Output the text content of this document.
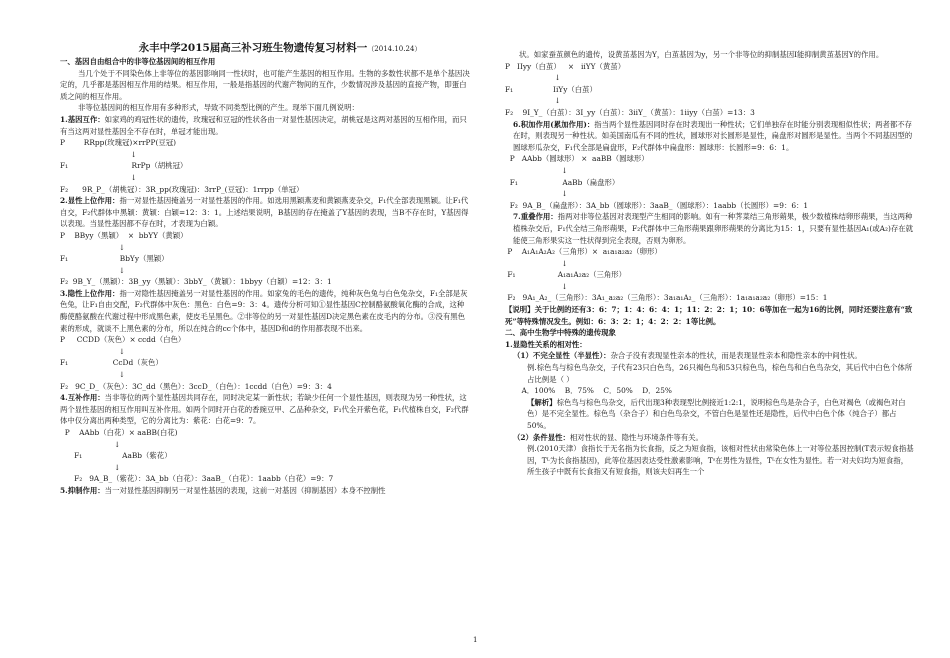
永丰中学2015届高三补习班生物遗传复习材料一（2014.10.24）
一、基因自由组合中的非等位基因间的相互作用

当几个处于不同染色体上非等位的基因影响同一性状时，也可能产生基因的相互作用。生物的多数性状都不是单个基因决定的，几乎都是基因相互作用的结果。相互作用，一般是指基因的代谢产物间的互作，少数情况涉及基因的直接产物，即蛋白质之间的相互作用。

非等位基因间的相互作用有多种形式，导致不同类型比例的产生。现举下面几例说明：

1.基因互作：如家鸡的鸡冠性状的遗传，玫瑰冠和豆冠的性状各由一对显性基因决定，胡桃冠是这两对基因的互相作用，而只有当这两对显性基因全不存在时，单冠才能出现。
P        RRpp(玫瑰冠)×rrPP(豆冠)
↓
F₁                           RrPp（胡桃冠）
↓
F₂      9R_P_（胡桃冠）：3R_pp(玫瑰冠)：3rrP_(豆冠)：1rrpp（单冠）
2.显性上位作用：指一对显性基因掩盖另一对显性基因的作用。如选用黑颖燕麦和黄颖燕麦杂交，F₁代全部表现黑颖。让F₁代自交，F₂代群体中黑颖：黄颖：白颖=12：3：1。上述结果说明，B基因的存在掩盖了Y基因的表现，当B不存在时，Y基因得以表现。当显性基因都不存在时，才表现为白颖。
P    BByy（黑颖）  ×  bbYY（黄颖）
↓
F₁                      BbYy（黑颖）
↓
F₂  9B_Y_（黑颖）：3B_yy（黑颖）：3bbY_（黄颖）：1bbyy（白颖）=12：3：1
3.隐性上位作用：指一对隐性基因掩盖另一对显性基因的作用。如家兔的毛色的遗传，纯种灰色兔与白色兔杂交，F₁全部是灰色兔，让F₁自由交配，F₂代群体中灰色：黑色：白色=9：3：4。遗传分析可知①显性基因C控制酪氨酸氧化酶的合成，这种酶使酪氨酸在代谢过程中形成黑色素，使皮毛呈黑色。②非等位的另一对显性基因D决定黑色素在皮毛内的分布。③没有黑色素的形成，就谈不上黑色素的分布，所以在纯合的cc个体中，基因D和d的作用都表现不出来。
P     CCDD（灰色）× ccdd（白色）
↓
F₁                   CcDd（灰色）
↓
F₂   9C_D_（灰色）：3C_dd（黑色）：3ccD_（白色）：1ccdd（白色）=9：3：4
4.互补作用：当非等位的两个显性基因共同存在，同时决定某一新性状；若缺少任何一个显性基因，则表现为另一种性状，这两个显性基因的相互作用叫互补作用。如两个同时开白花的香豌豆甲、乙品种杂交，F₁代全开紫色花，F₁代植株自交，F₂代群体中仅分离出两种类型，它的分离比为：紫花：白花=9：7。
P    AAbb（白花）× aaBB(白花)
↓
F₁                 AaBb（紫花）
↓
F₂   9A_B_（紫花）：3A_bb（白花）：3aaB_（白花）：1aabb（白花）=9：7
5.抑制作用：当一对显性基因抑制另一对显性基因的表现，这前一对基因（抑制基因）本身不控制性

状。如家蚕茧颜色的遗传，设黄茧基因为Y，白茧基因为y，另一个非等位的抑制基因I能抑制黄茧基因Y的作用。

P   IIyy（白茧）   ×   iiYY（黄茧）
↓
F₁                 IiYy（白茧）
↓
F₂    9I_Y_（白茧）：3I_yy（白茧）：3iiY_（黄茧）：1iiyy（白茧）=13：3
6.积加作用(累加作用)：指当两个显性基因同时存在时表现出一种性状；它们单独存在时能分别表现相似性状；两者都不存在时，则表现另一种性状。如美国南瓜有不同的性状，圆球形对长圆形是显性，扁盘形对圆形是显性。当两个不同基因型的圆球形瓜杂交，F₁代全部是扁盘形，F₂代群体中扁盘形：圆球形：长圆形=9：6：1。
P   AAbb（圆球形） ×  aaBB（圆球形）
↓
F₁                   AaBb（扁盘形）
↓
F₂  9A_B_（扁盘形）：3A_bb（圆球形）：3aaB_（圆球形）：1aabb（长圆形）=9：6：1
7.重叠作用：指两对非等位基因对表现型产生相同的影响。如有一种荠菜结三角形蒴果，极少数植株结卵形蒴果，当这两种植株杂交后，F₁代全结三角形蒴果，F₂代群体中三角形蒴果跟卵形蒴果的分离比为15：1，只要有显性基因A₁(或A₂)存在就能使三角形果实这一性状得到完全表现，否则为卵形。
P    A₁A₁A₂A₂（三角形）×  a₁a₁a₂a₂（卵形）
↓
F₁                  A₁a₁A₂a₂（三角形）
↓
F₂   9A₁_A₂_（三角形）：3A₁_a₂a₂（三角形）：3a₁a₁A₂_（三角形）：1a₁a₁a₂a₂（卵形）=15：1
【说明】关于比例的还有3：6：7；1：4：6：4：1；11：2：2：1；10：6等加在一起为16的比例，同时还要注意有“致死”等特殊情况发生。例如：6：3：2：1；4：2：2：1等比例。
二、高中生物学中特殊的遗传现象
1.显隐性关系的相对性：
（1）不完全显性（半显性）：杂合子没有表现显性亲本的性状，而是表现显性亲本和隐性亲本的中间性状。
例.棕色鸟与棕色鸟杂交，子代有23只白色鸟，26只褐色鸟和53只棕色鸟，棕色鸟和白色鸟杂交，其后代中白色个体所占比例是（ ）
A．100%    B．75%    C．50%    D．25%
【解析】棕色鸟与棕色鸟杂交，后代出现3种表现型比例接近1:2:1，说明棕色鸟是杂合子，白色对褐色（或褐色对白色）是不完全显性。棕色鸟（杂合子）和白色鸟杂交，不管白色是显性还是隐性，后代中白色个体（纯合子）都占50%。
（2）条件显性：相对性状的显、隐性与环境条件等有关。
例.(2010天津）食指长于无名指为长食指，反之为短食指，该相对性状由常染色体上一对等位基因控制(T表示短食指基因，Tᴸ为长食指基因)，此等位基因表达受性激素影响，Tˢ在男性为显性，Tᴸ在女性为显性。若一对夫妇均为短食指，所生孩子中既有长食指又有短食指，则该夫妇再生一个
1
